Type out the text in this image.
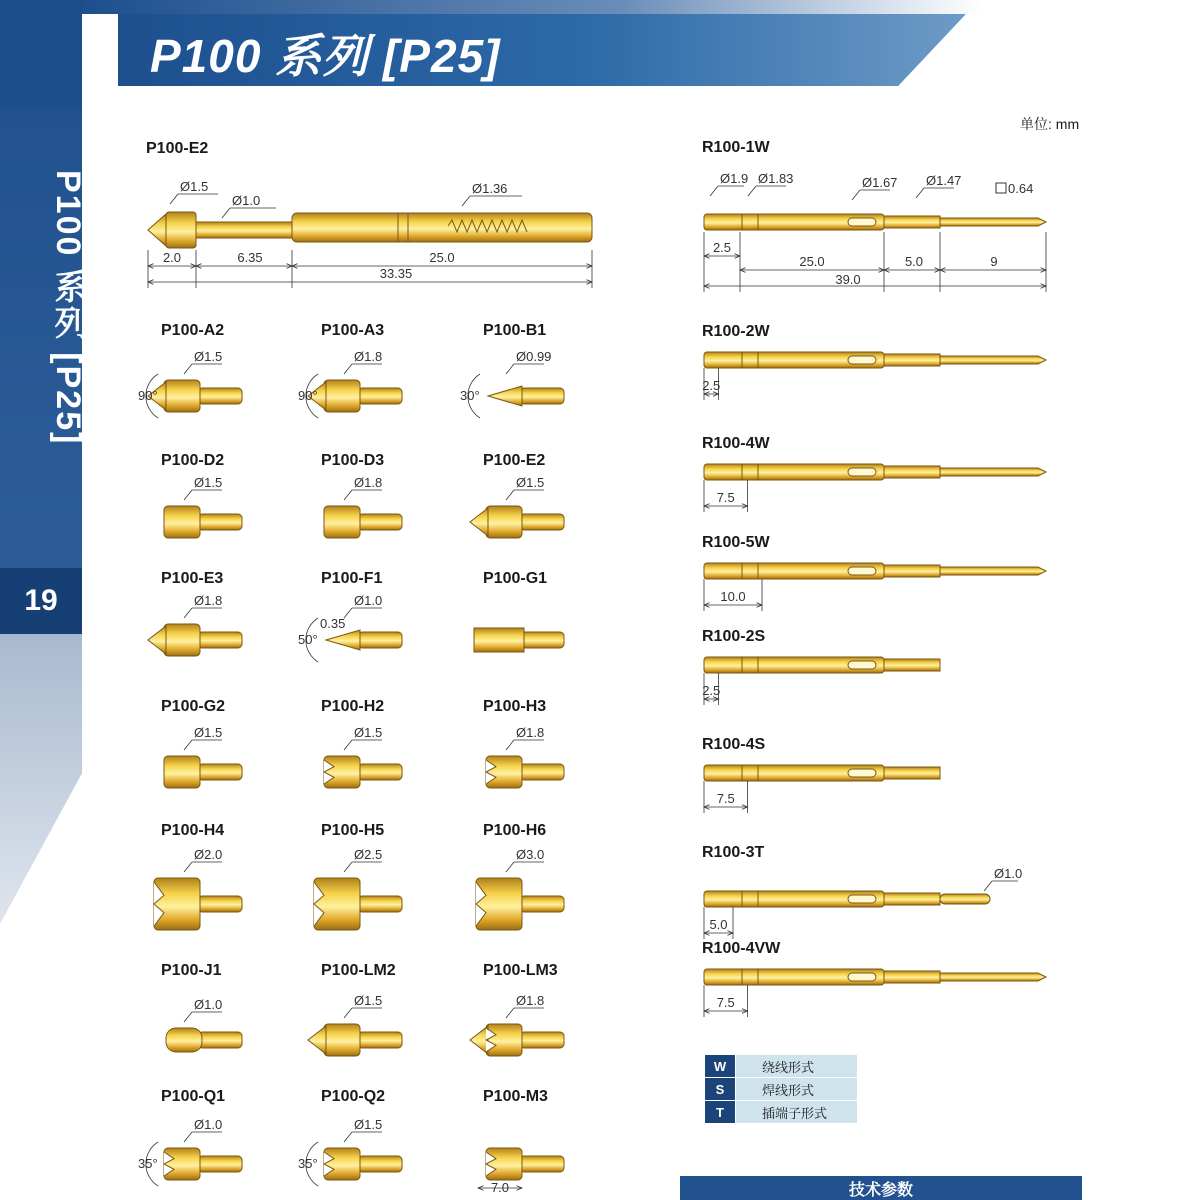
P100 系列 [P25]
19
P100 系列 [P25]
单位: mm
Ø1.5
Ø1.0
Ø1.36
2.0	6.35	25.0
33.35
Ø1.5
90°
Ø1.8
90°
Ø0.99
30°
Ø1.5	Ø1.8	Ø1.5
Ø1.8	Ø1.0
50°
0.35
Ø1.5	Ø1.5	Ø1.8
Ø2.0	Ø2.5	Ø3.0
Ø1.0	Ø1.5	Ø1.8
Ø1.0
35°
Ø1.5
35°
7.0
Ø1.9 Ø1.83	Ø1.67 Ø1.47
0.64
2.5
25.0	5.0	9
39.0
2.5
7.5
10.0
2.5
7.5
5.0
Ø1.0
7.5
P100-E2
P100-A2	P100-A3	P100-B1
P100-D2	P100-D3	P100-E2
P100-E3	P100-F1	P100-G1
P100-G2	P100-H2	P100-H3
P100-H4	P100-H5	P100-H6
P100-J1	P100-LM2	P100-LM3
P100-Q1	P100-Q2	P100-M3
R100-1W
R100-2W
R100-4W
R100-5W
R100-2S
R100-4S
R100-3T
R100-4VW
W	绕线形式
S	焊线形式
T	插端子形式
技术参数
